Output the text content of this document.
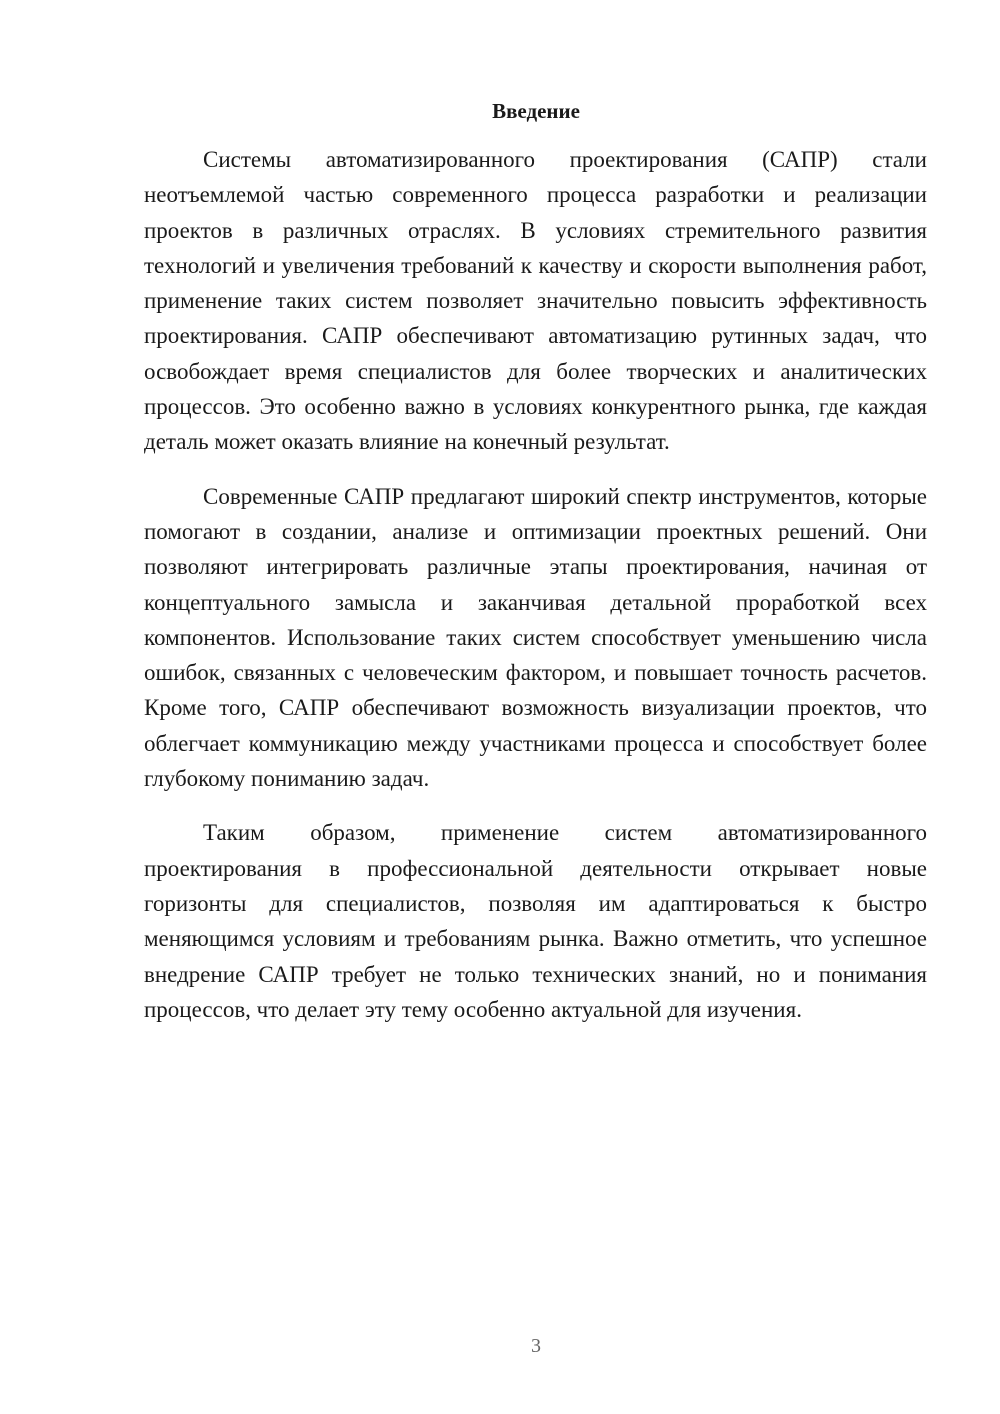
Введение

Системы автоматизированного проектирования (САПР) стали неотъемлемой частью современного процесса разработки и реализации проектов в различных отраслях. В условиях стремительного развития технологий и увеличения требований к качеству и скорости выполнения работ, применение таких систем позволяет значительно повысить эффективность проектирования. САПР обеспечивают автоматизацию рутинных задач, что освобождает время специалистов для более творческих и аналитических процессов. Это особенно важно в условиях конкурентного рынка, где каждая деталь может оказать влияние на конечный результат.

Современные САПР предлагают широкий спектр инструментов, которые помогают в создании, анализе и оптимизации проектных решений. Они позволяют интегрировать различные этапы проектирования, начиная от концептуального замысла и заканчивая детальной проработкой всех компонентов. Использование таких систем способствует уменьшению числа ошибок, связанных с человеческим фактором, и повышает точность расчетов. Кроме того, САПР обеспечивают возможность визуализации проектов, что облегчает коммуникацию между участниками процесса и способствует более глубокому пониманию задач.

Таким образом, применение систем автоматизированного проектирования в профессиональной деятельности открывает новые горизонты для специалистов, позволяя им адаптироваться к быстро меняющимся условиям и требованиям рынка. Важно отметить, что успешное внедрение САПР требует не только технических знаний, но и понимания процессов, что делает эту тему особенно актуальной для изучения.

3
